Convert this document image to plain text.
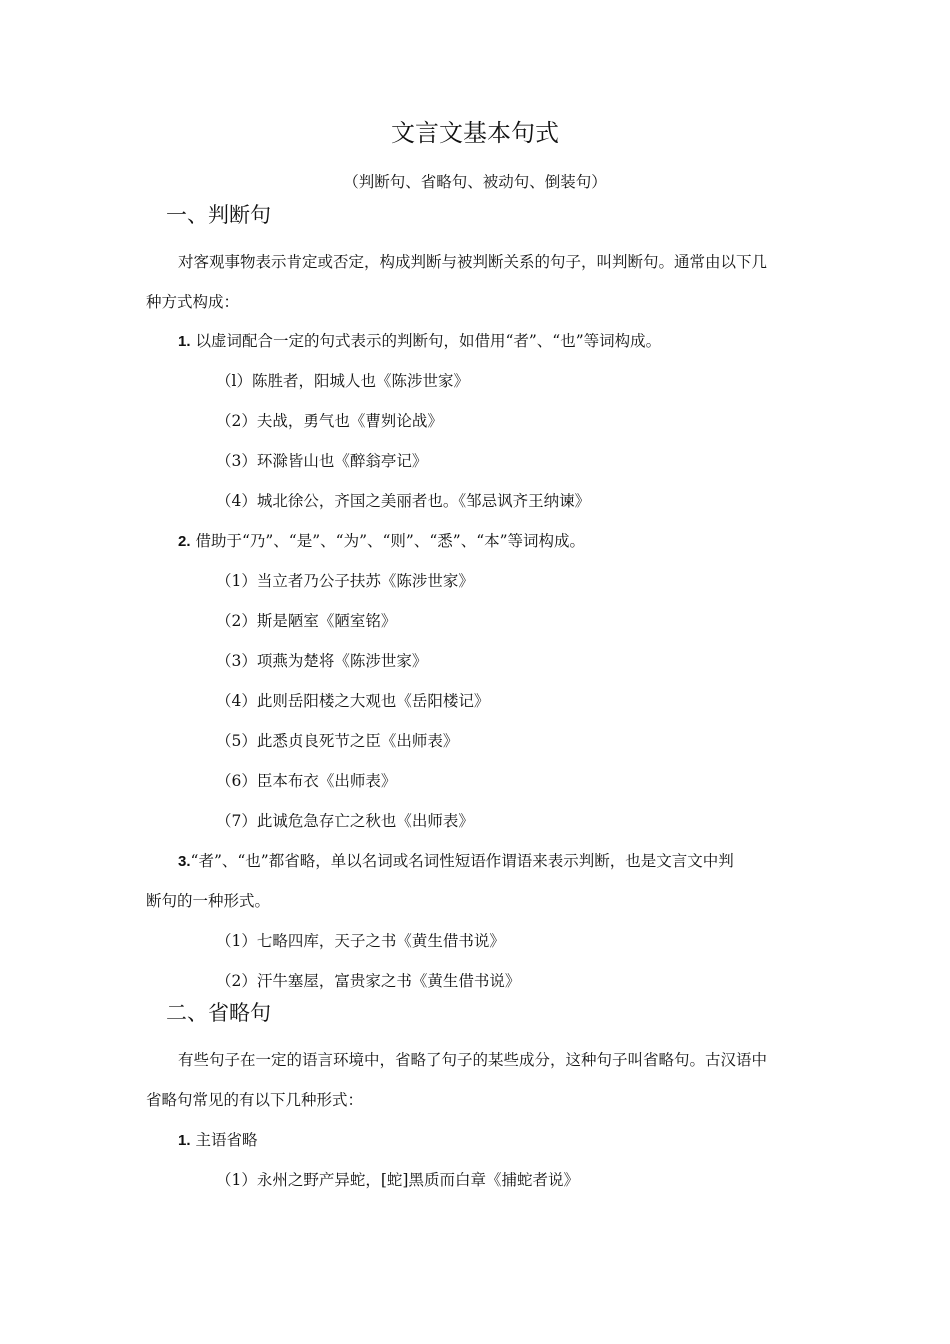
文言文基本句式
（判断句、省略句、被动句、倒装句）
一、判断句
对客观事物表示肯定或否定，构成判断与被判断关系的句子，叫判断句。通常由以下几
种方式构成：
1. 以虚词配合一定的句式表示的判断句，如借用“者”、“也”等词构成。
（l）陈胜者，阳城人也《陈涉世家》
（2）夫战，勇气也《曹刿论战》
（3）环滁皆山也《醉翁亭记》
（4）城北徐公，齐国之美丽者也。《邹忌讽齐王纳谏》
2. 借助于“乃”、“是”、“为”、“则”、“悉”、“本”等词构成。
（1）当立者乃公子扶苏《陈涉世家》
（2）斯是陋室《陋室铭》
（3）项燕为楚将《陈涉世家》
（4）此则岳阳楼之大观也《岳阳楼记》
（5）此悉贞良死节之臣《出师表》
（6）臣本布衣《出师表》
（7）此诚危急存亡之秋也《出师表》
3.“者”、“也”都省略，单以名词或名词性短语作谓语来表示判断，也是文言文中判
断句的一种形式。
（1）七略四库，天子之书《黄生借书说》
（2）汗牛塞屋，富贵家之书《黄生借书说》
二、省略句
有些句子在一定的语言环境中，省略了句子的某些成分，这种句子叫省略句。古汉语中
省略句常见的有以下几种形式：
1. 主语省略
（1）永州之野产异蛇，[蛇]黑质而白章《捕蛇者说》
